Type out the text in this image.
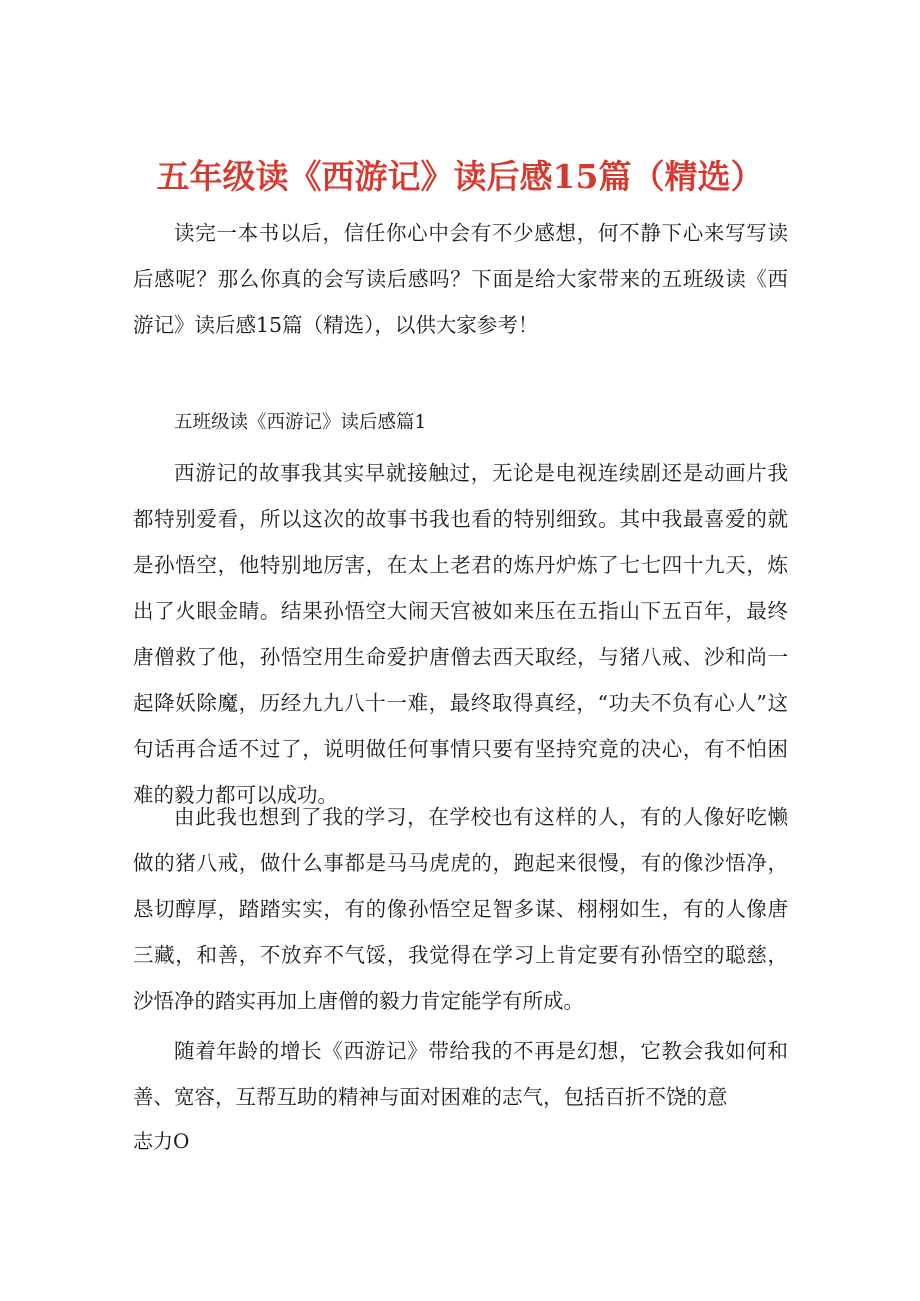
五年级读《西游记》读后感15篇（精选）

读完一本书以后，信任你心中会有不少感想，何不静下心来写写读后感呢？那么你真的会写读后感吗？下面是给大家带来的五班级读《西游记》读后感15篇（精选），以供大家参考！

五班级读《西游记》读后感篇1

西游记的故事我其实早就接触过，无论是电视连续剧还是动画片我都特别爱看，所以这次的故事书我也看的特别细致。其中我最喜爱的就是孙悟空，他特别地厉害，在太上老君的炼丹炉炼了七七四十九天，炼出了火眼金睛。结果孙悟空大闹天宫被如来压在五指山下五百年，最终唐僧救了他，孙悟空用生命爱护唐僧去西天取经，与猪八戒、沙和尚一起降妖除魔，历经九九八十一难，最终取得真经，“功夫不负有心人”这句话再合适不过了，说明做任何事情只要有坚持究竟的决心，有不怕困难的毅力都可以成功。

由此我也想到了我的学习，在学校也有这样的人，有的人像好吃懒做的猪八戒，做什么事都是马马虎虎的，跑起来很慢，有的像沙悟净，恳切醇厚，踏踏实实，有的像孙悟空足智多谋、栩栩如生，有的人像唐三藏，和善，不放弃不气馁，我觉得在学习上肯定要有孙悟空的聪慈，沙悟净的踏实再加上唐僧的毅力肯定能学有所成。

随着年龄的增长《西游记》带给我的不再是幻想，它教会我如何和善、宽容，互帮互助的精神与面对困难的志气，包括百折不饶的意

志力O
